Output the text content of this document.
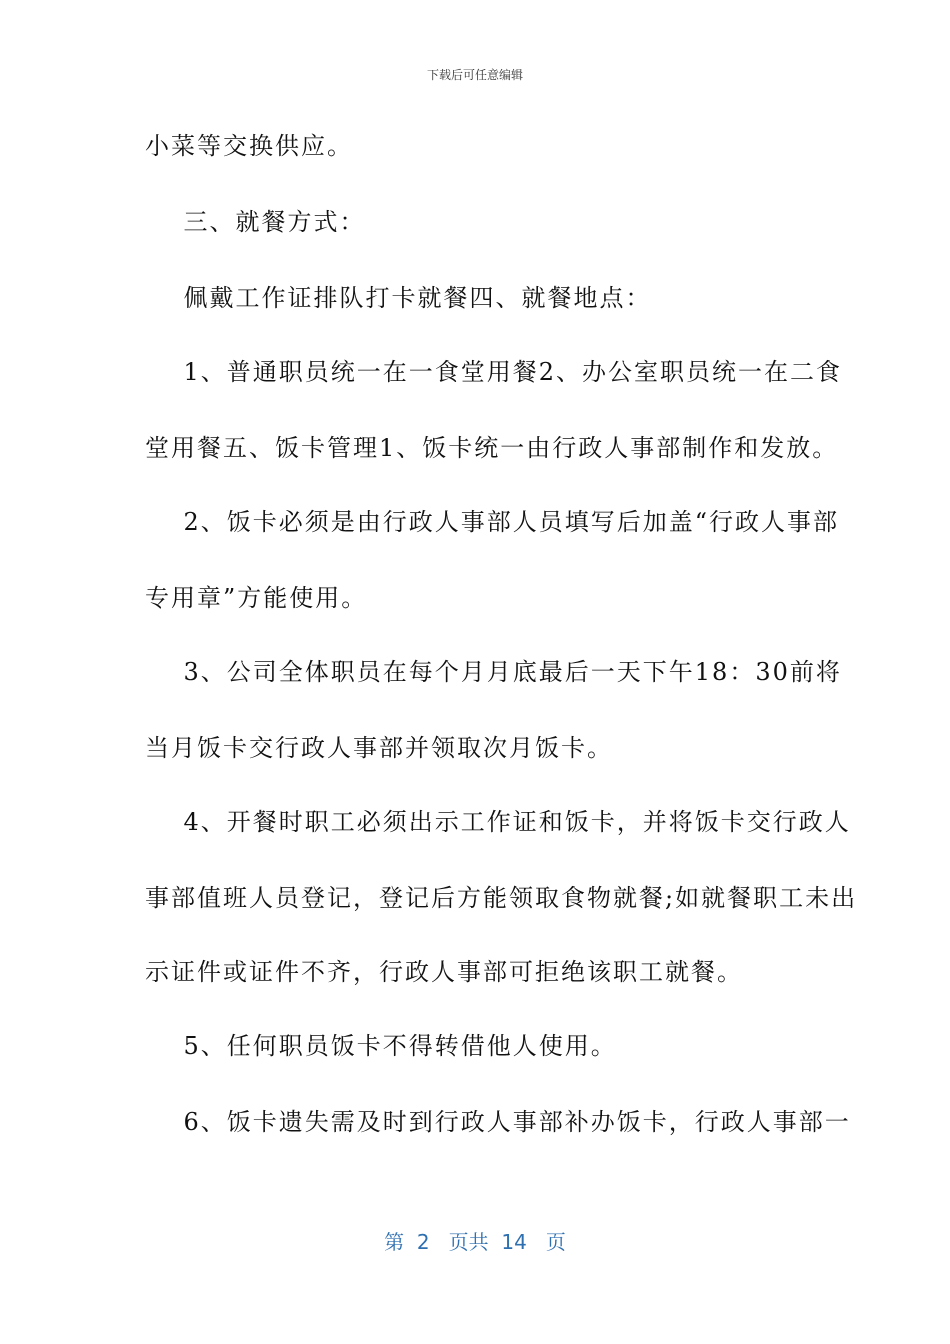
下载后可任意编辑
小菜等交换供应。
三、就餐方式：
佩戴工作证排队打卡就餐四、就餐地点：
1、普通职员统一在一食堂用餐2、办公室职员统一在二食
堂用餐五、饭卡管理1、饭卡统一由行政人事部制作和发放。
2、饭卡必须是由行政人事部人员填写后加盖“行政人事部
专用章”方能使用。
3、公司全体职员在每个月月底最后一天下午18：30前将
当月饭卡交行政人事部并领取次月饭卡。
4、开餐时职工必须出示工作证和饭卡，并将饭卡交行政人
事部值班人员登记，登记后方能领取食物就餐;如就餐职工未出
示证件或证件不齐，行政人事部可拒绝该职工就餐。
5、任何职员饭卡不得转借他人使用。
6、饭卡遗失需及时到行政人事部补办饭卡，行政人事部一
第  2   页共  14   页
